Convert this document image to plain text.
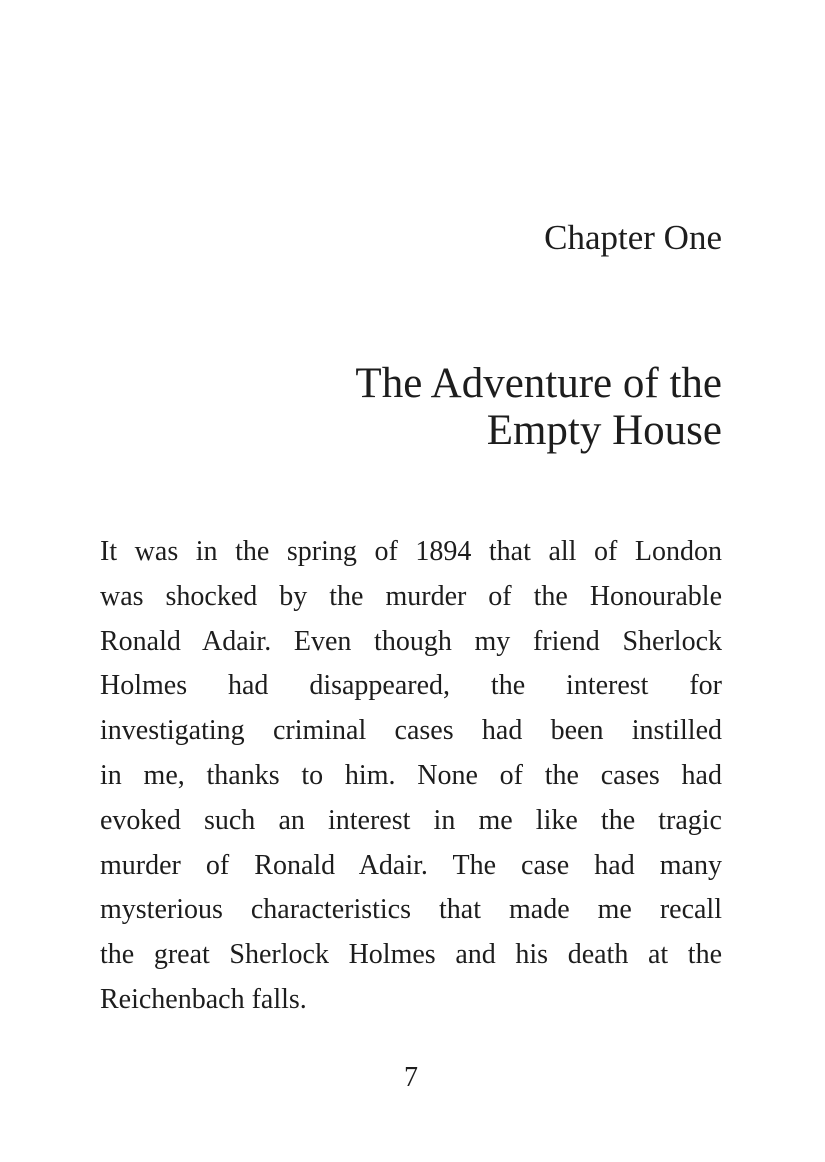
Chapter One
The Adventure of the
Empty House
It was in the spring of 1894 that all of London
was shocked by the murder of the Honourable
Ronald Adair. Even though my friend Sherlock
Holmes had disappeared, the interest for
investigating criminal cases had been instilled
in me, thanks to him. None of the cases had
evoked such an interest in me like the tragic
murder of Ronald Adair. The case had many
mysterious characteristics that made me recall
the great Sherlock Holmes and his death at the
Reichenbach falls.
7
